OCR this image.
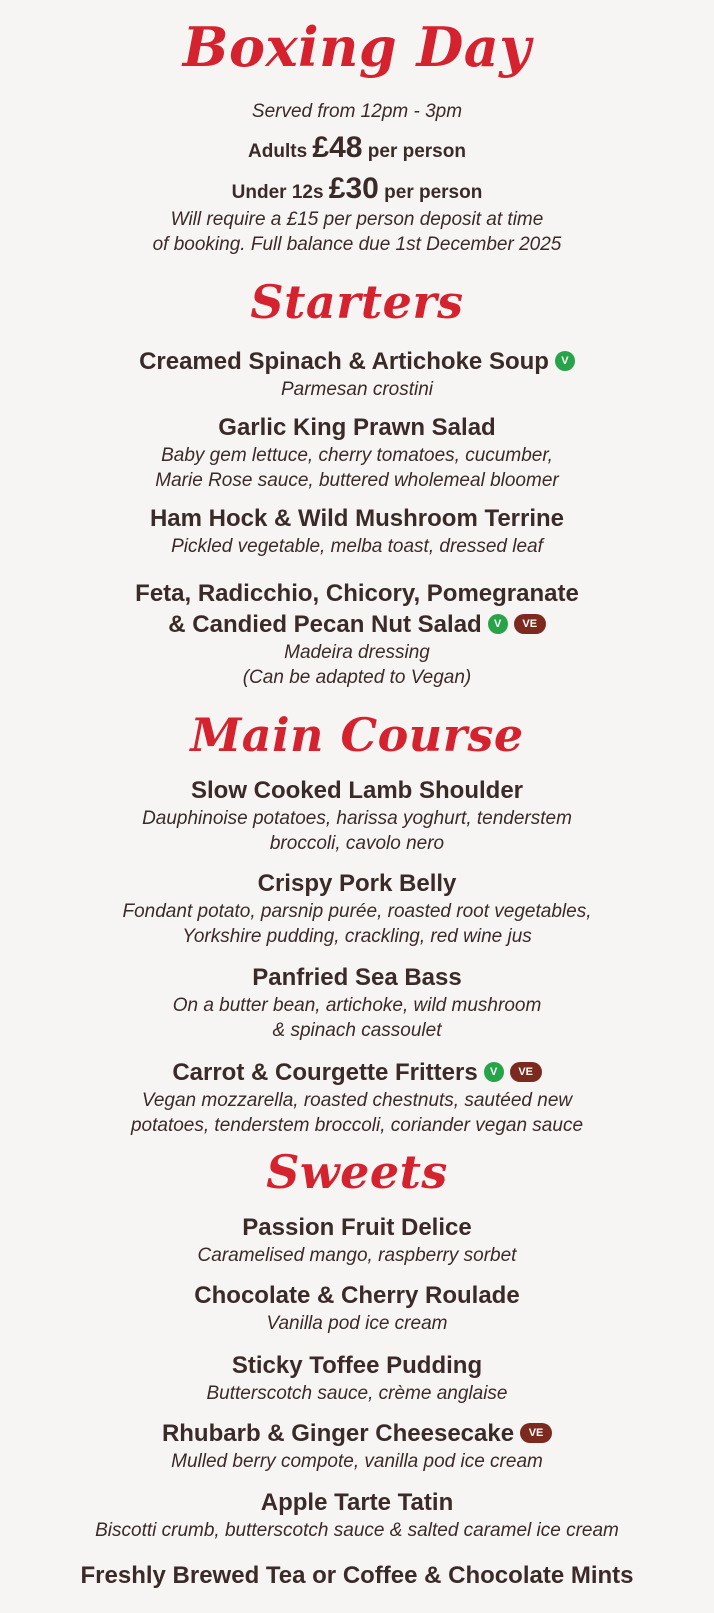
Boxing Day
Served from 12pm - 3pm
Adults £48 per person
Under 12s £30 per person
Will require a £15 per person deposit at time
of booking. Full balance due 1st December 2025
Starters

Creamed Spinach & Artichoke Soup V

Parmesan crostini

Garlic King Prawn Salad

Baby gem lettuce, cherry tomatoes, cucumber,

Marie Rose sauce, buttered wholemeal bloomer

Ham Hock & Wild Mushroom Terrine

Pickled vegetable, melba toast, dressed leaf

Feta, Radicchio, Chicory, Pomegranate

& Candied Pecan Nut Salad V VE

Madeira dressing

(Can be adapted to Vegan)

Main Course

Slow Cooked Lamb Shoulder

Dauphinoise potatoes, harissa yoghurt, tenderstem

broccoli, cavolo nero

Crispy Pork Belly

Fondant potato, parsnip purée, roasted root vegetables,

Yorkshire pudding, crackling, red wine jus

Panfried Sea Bass

On a butter bean, artichoke, wild mushroom

& spinach cassoulet

Carrot & Courgette Fritters V VE

Vegan mozzarella, roasted chestnuts, sautéed new

potatoes, tenderstem broccoli, coriander vegan sauce

Sweets

Passion Fruit Delice

Caramelised mango, raspberry sorbet

Chocolate & Cherry Roulade

Vanilla pod ice cream

Sticky Toffee Pudding

Butterscotch sauce, crème anglaise

Rhubarb & Ginger Cheesecake VE

Mulled berry compote, vanilla pod ice cream

Apple Tarte Tatin

Biscotti crumb, butterscotch sauce & salted caramel ice cream

Freshly Brewed Tea or Coffee & Chocolate Mints
